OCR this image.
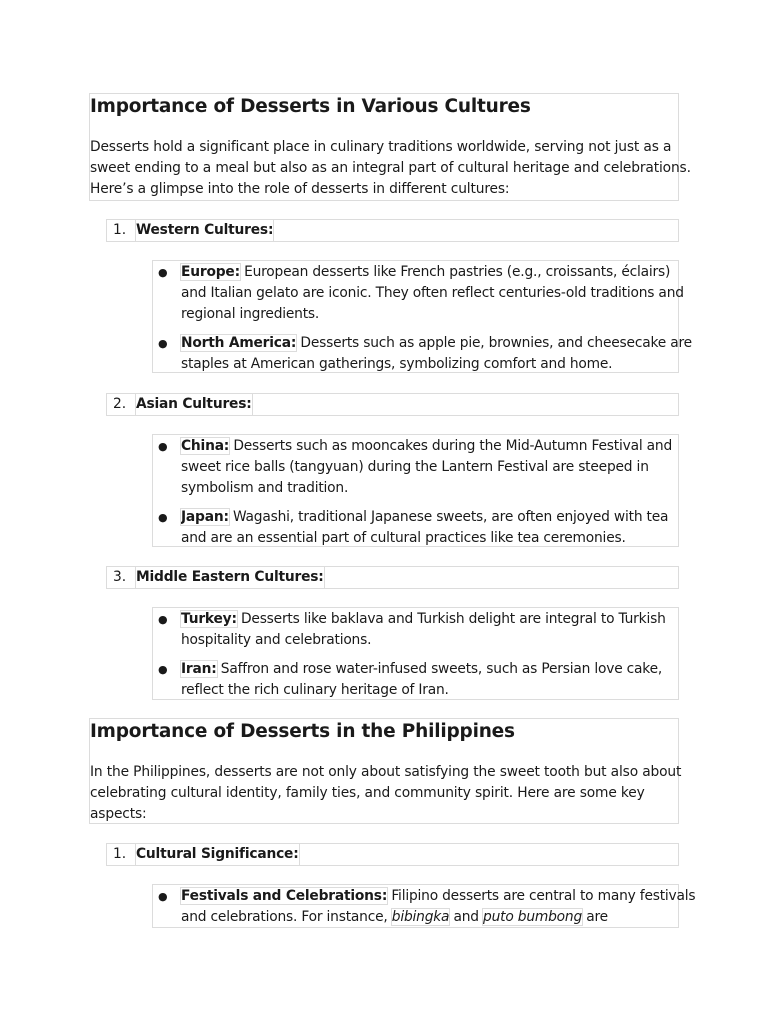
Importance of Desserts in Various Cultures
Desserts hold a significant place in culinary traditions worldwide, serving not just as a
sweet ending to a meal but also as an integral part of cultural heritage and celebrations.
Here’s a glimpse into the role of desserts in different cultures:
1. Western Cultures:
● Europe: European desserts like French pastries (e.g., croissants, éclairs)
and Italian gelato are iconic. They often reflect centuries-old traditions and
regional ingredients.
● North America: Desserts such as apple pie, brownies, and cheesecake are
staples at American gatherings, symbolizing comfort and home.
2. Asian Cultures:
● China: Desserts such as mooncakes during the Mid-Autumn Festival and
sweet rice balls (tangyuan) during the Lantern Festival are steeped in
symbolism and tradition.
● Japan: Wagashi, traditional Japanese sweets, are often enjoyed with tea
and are an essential part of cultural practices like tea ceremonies.
3. Middle Eastern Cultures:
● Turkey: Desserts like baklava and Turkish delight are integral to Turkish
hospitality and celebrations.
● Iran: Saffron and rose water-infused sweets, such as Persian love cake,
reflect the rich culinary heritage of Iran.
Importance of Desserts in the Philippines
In the Philippines, desserts are not only about satisfying the sweet tooth but also about
celebrating cultural identity, family ties, and community spirit. Here are some key
aspects:
1. Cultural Significance:
● Festivals and Celebrations: Filipino desserts are central to many festivals
and celebrations. For instance, bibingka and puto bumbong are
